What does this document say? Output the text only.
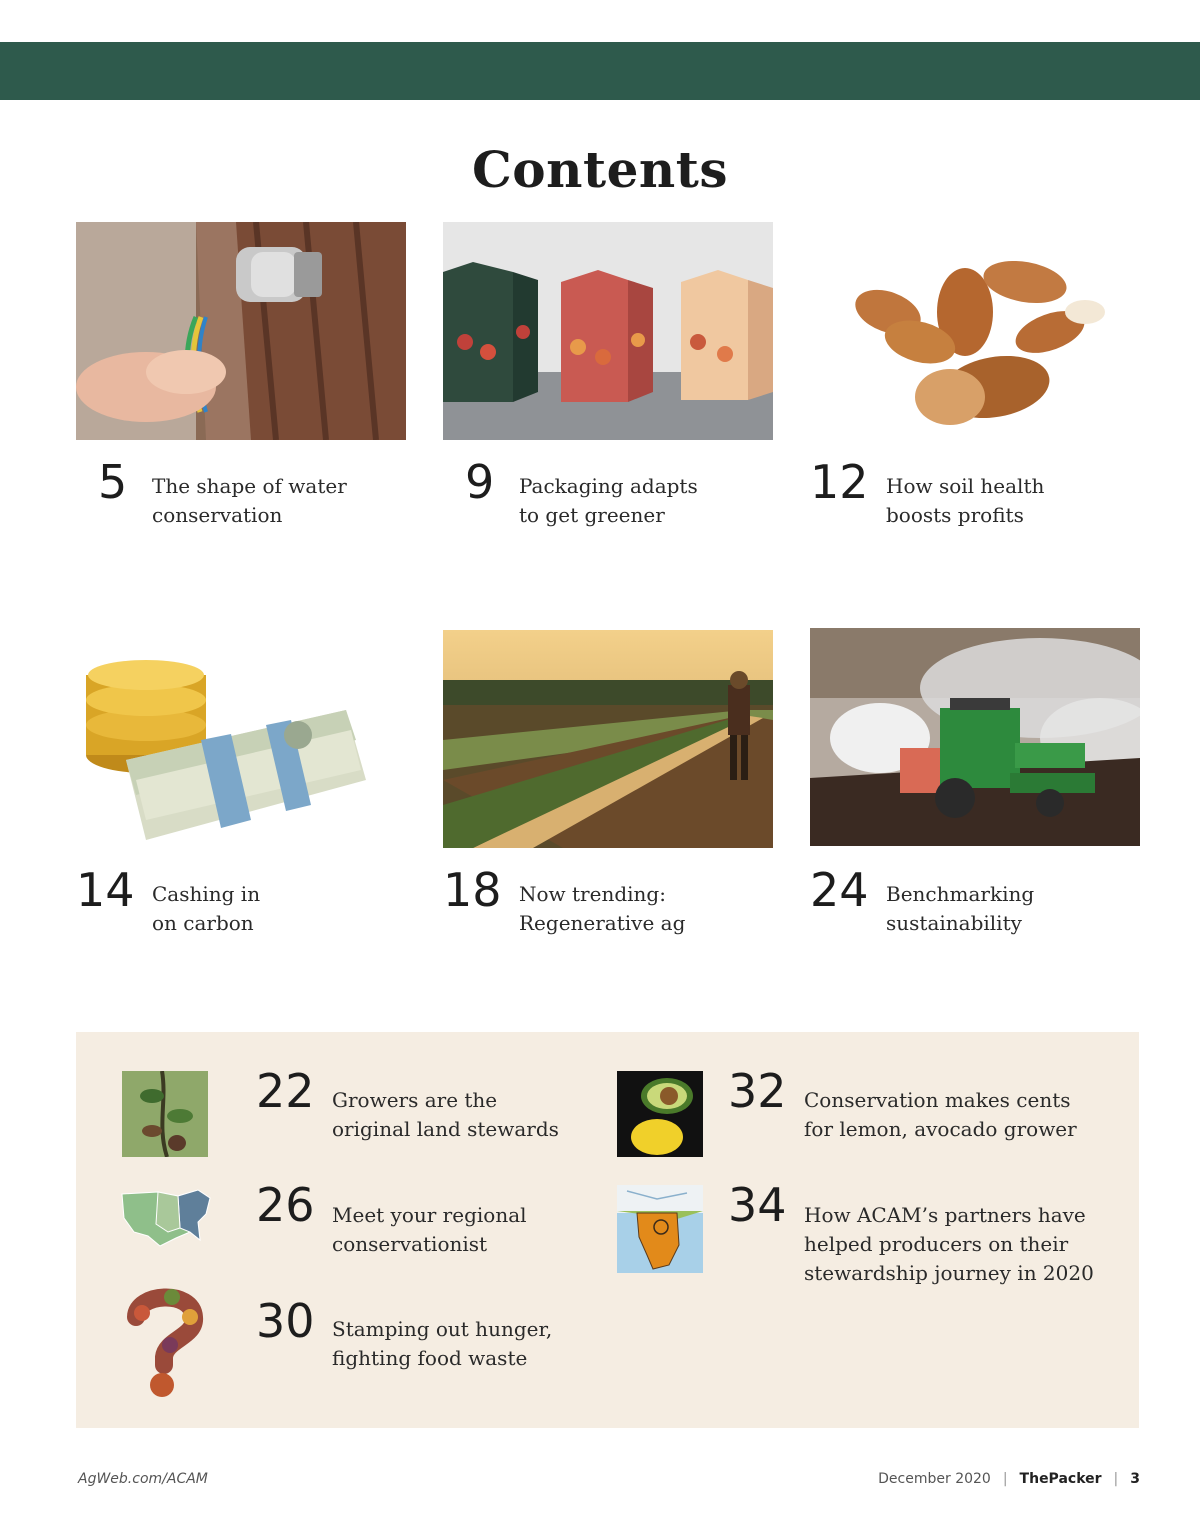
Contents
5 The shape of water
conservation
9 Packaging adapts
to get greener
12 How soil health
boosts profits
14 Cashing in
on carbon
18 Now trending:
Regenerative ag
24 Benchmarking
sustainability
22 Growers are the
original land stewards
26 Meet your regional
conservationist
30 Stamping out hunger,
fighting food waste
32 Conservation makes cents
for lemon, avocado grower
34 How ACAM’s partners have
helped producers on their
stewardship journey in 2020
AgWeb.com/ACAM	December 2020 | ThePacker | 3
